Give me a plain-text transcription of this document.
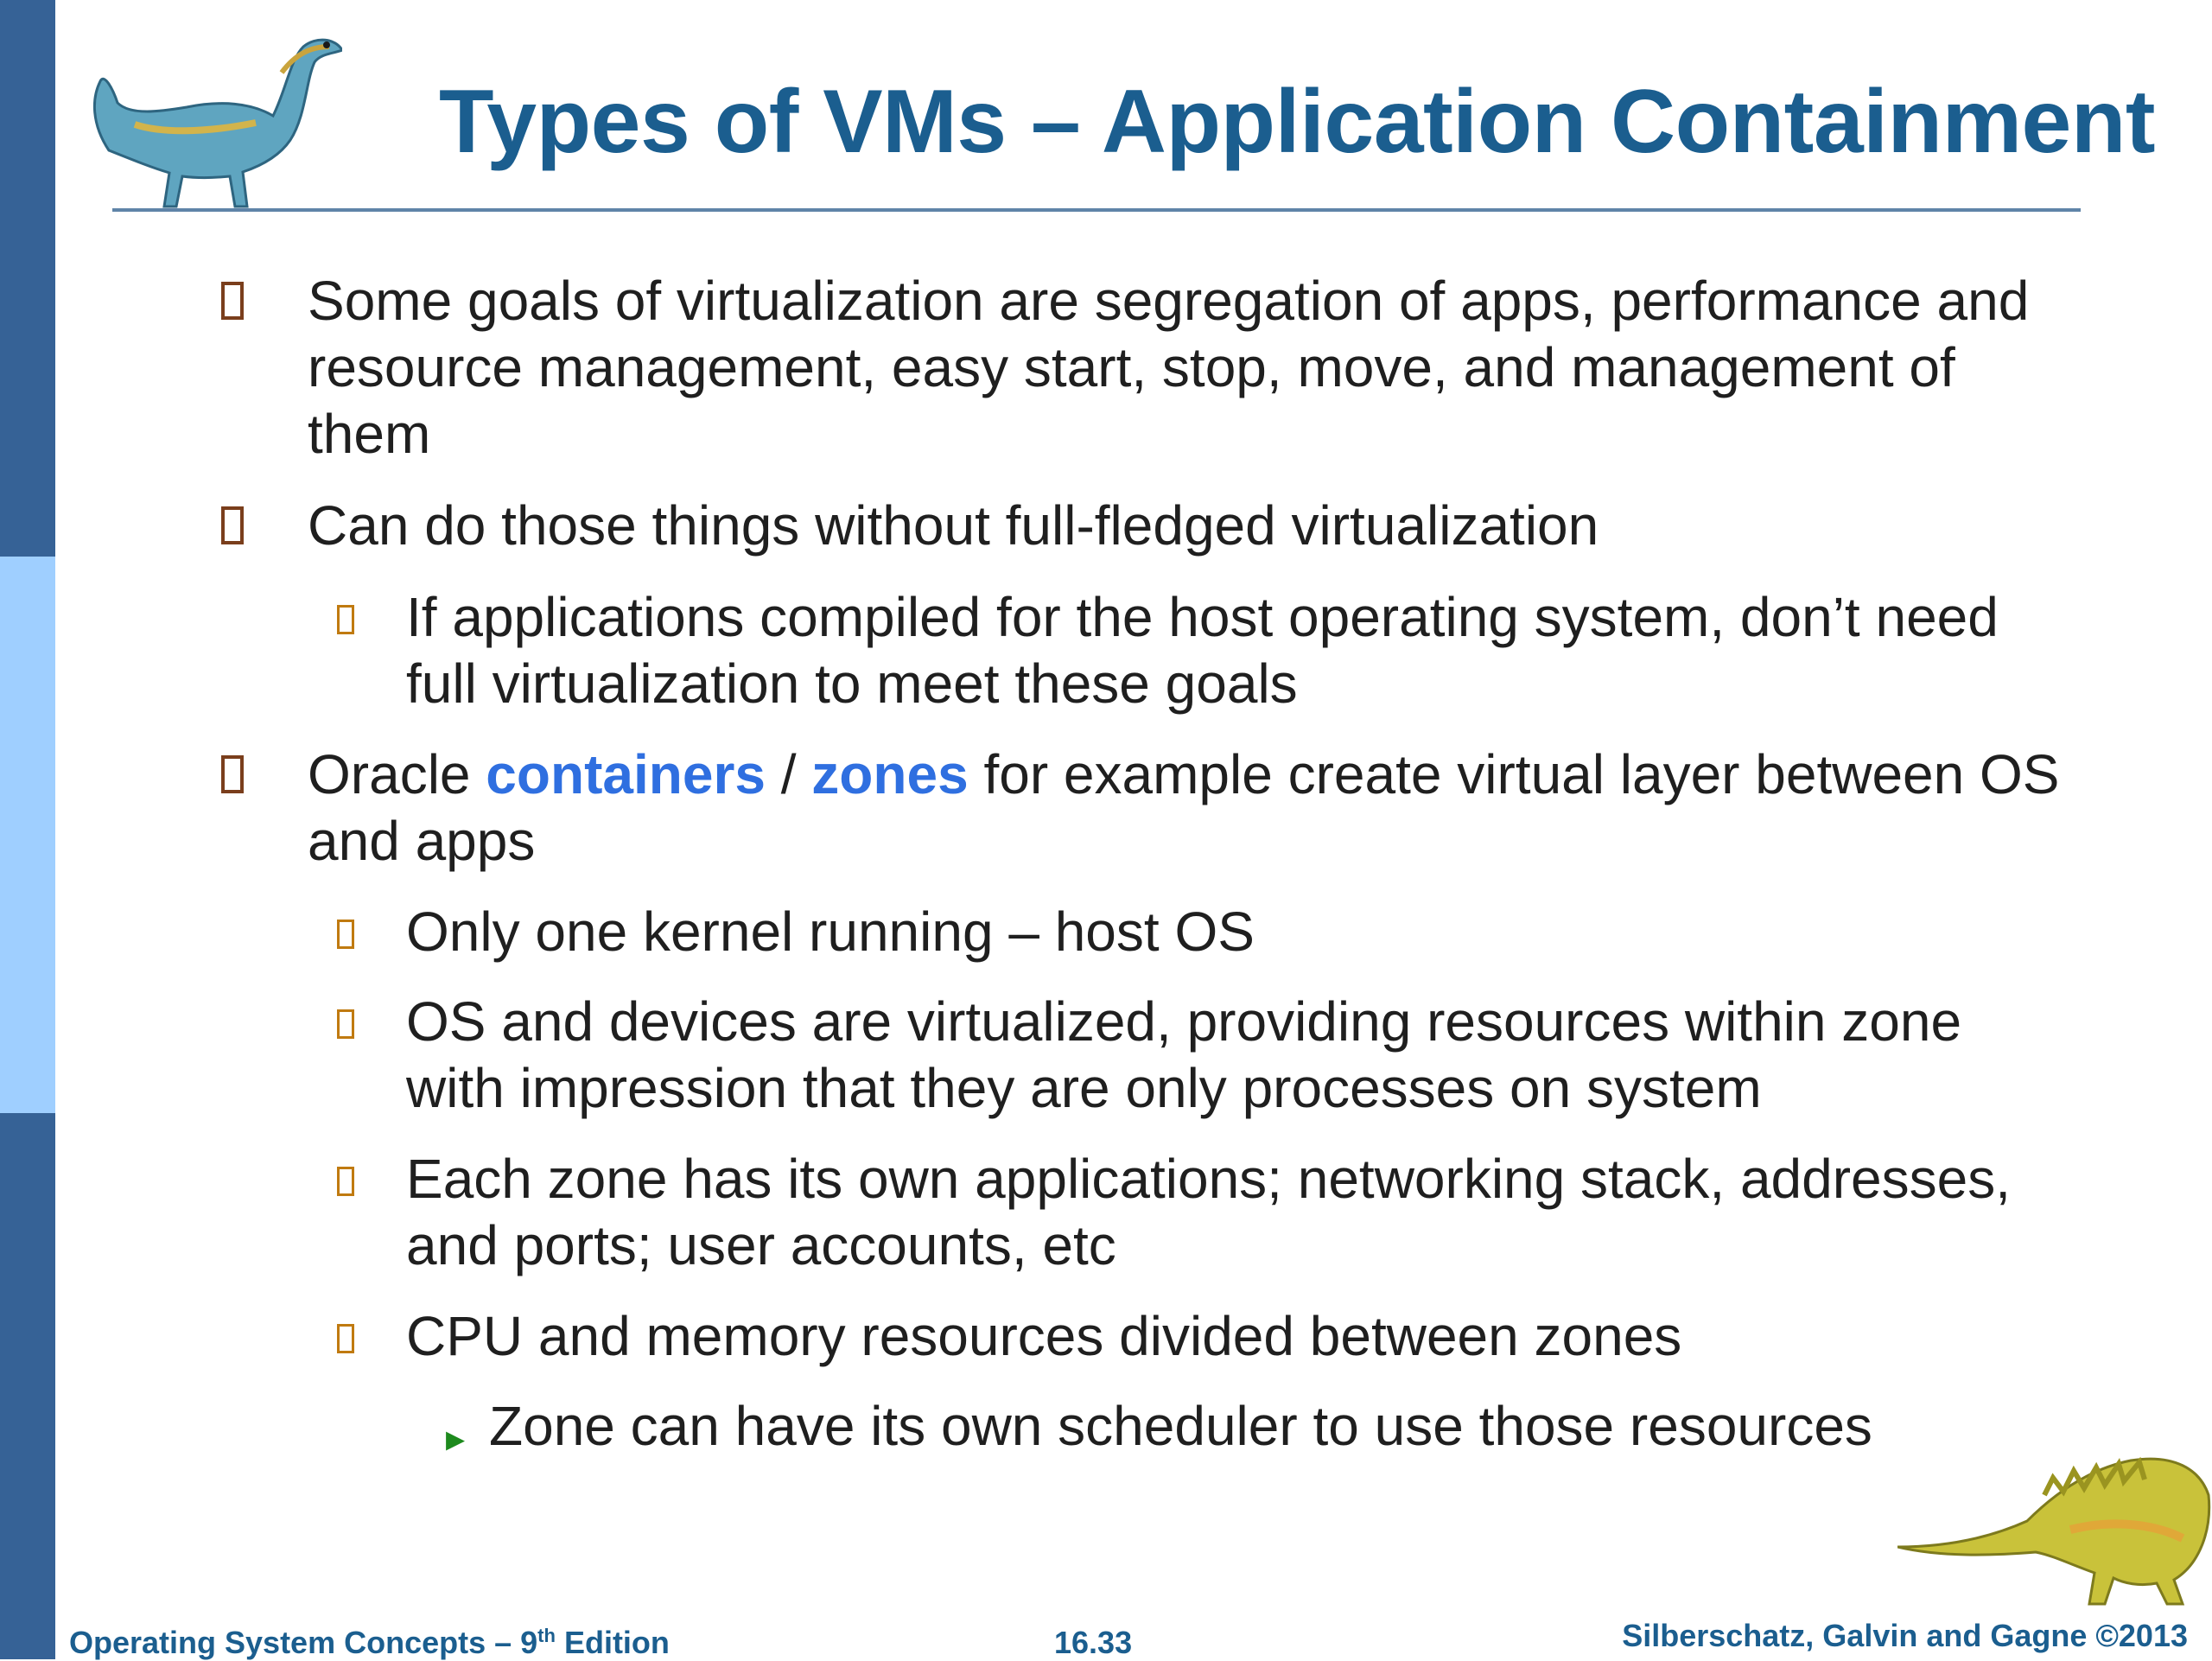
Types of VMs – Application Containment
Some goals of virtualization are segregation of apps, performance and resource management, easy start, stop, move, and management of them
Can do those things without full-fledged virtualization
If applications compiled for the host operating system, don’t need full virtualization to meet these goals
Oracle containers / zones for example create virtual layer between OS and apps
Only one kernel running – host OS
OS and devices are virtualized, providing resources within zone with impression that they are only processes on system
Each zone has its own applications; networking stack, addresses, and ports; user accounts, etc
CPU and memory resources divided between zones
▸ Zone can have its own scheduler to use those resources
Operating System Concepts – 9th Edition	16.33	Silberschatz, Galvin and Gagne ©2013
